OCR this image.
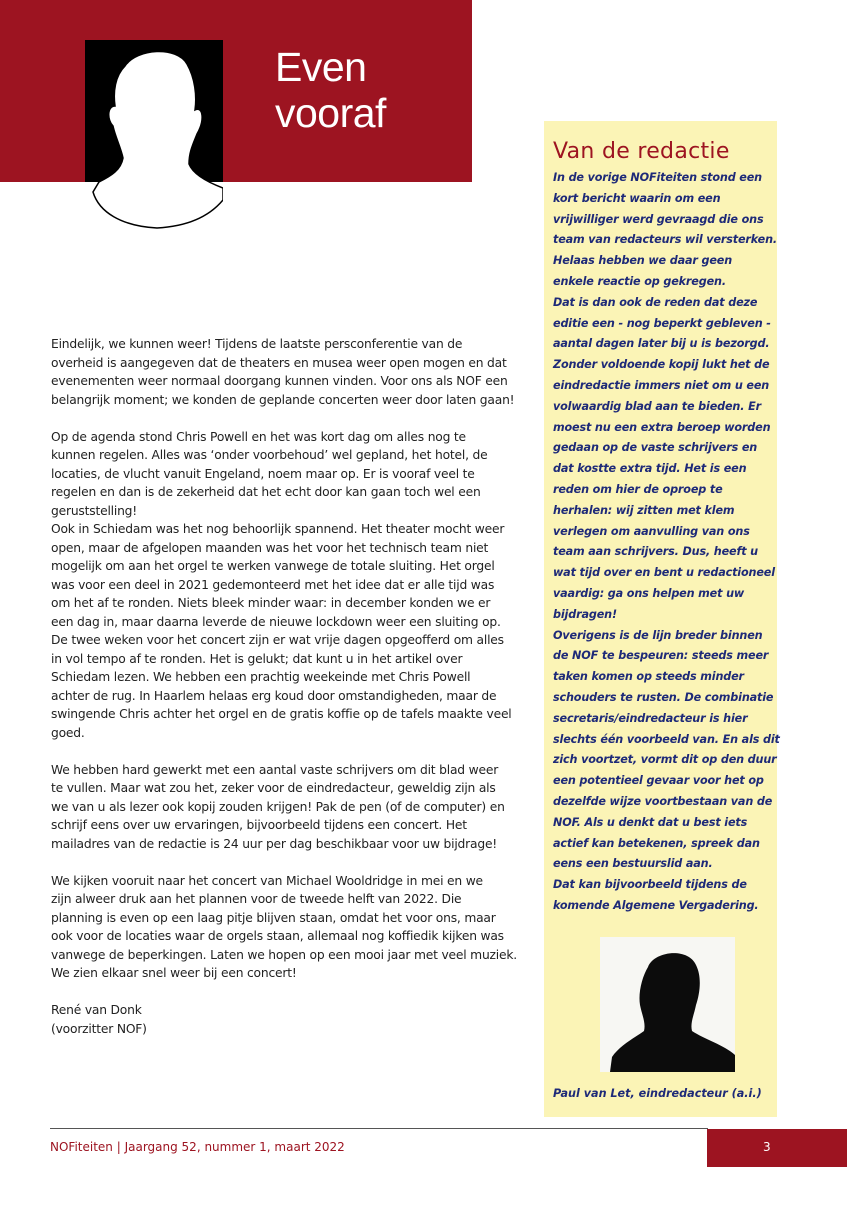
Even
vooraf
Van de redactie
In de vorige NOFiteiten stond een
kort bericht waarin om een
vrijwilliger werd gevraagd die ons
team van redacteurs wil versterken.
Helaas hebben we daar geen
enkele reactie op gekregen.
Dat is dan ook de reden dat deze
editie een - nog beperkt gebleven -
aantal dagen later bij u is bezorgd.
Zonder voldoende kopij lukt het de
eindredactie immers niet om u een
volwaardig blad aan te bieden. Er
moest nu een extra beroep worden
gedaan op de vaste schrijvers en
dat kostte extra tijd. Het is een
reden om hier de oproep te
herhalen: wij zitten met klem
verlegen om aanvulling van ons
team aan schrijvers. Dus, heeft u
wat tijd over en bent u redactioneel
vaardig: ga ons helpen met uw
bijdragen!
Overigens is de lijn breder binnen
de NOF te bespeuren: steeds meer
taken komen op steeds minder
schouders te rusten. De combinatie
secretaris/eindredacteur is hier
slechts één voorbeeld van. En als dit
zich voortzet, vormt dit op den duur
een potentieel gevaar voor het op
dezelfde wijze voortbestaan van de
NOF. Als u denkt dat u best iets
actief kan betekenen, spreek dan
eens een bestuurslid aan.
Dat kan bijvoorbeeld tijdens de
komende Algemene Vergadering.
Paul van Let, eindredacteur (a.i.)
Eindelijk, we kunnen weer! Tijdens de laatste persconferentie van de
overheid is aangegeven dat de theaters en musea weer open mogen en dat
evenementen weer normaal doorgang kunnen vinden. Voor ons als NOF een
belangrijk moment; we konden de geplande concerten weer door laten gaan!
Op de agenda stond Chris Powell en het was kort dag om alles nog te
kunnen regelen. Alles was ‘onder voorbehoud’ wel gepland, het hotel, de
locaties, de vlucht vanuit Engeland, noem maar op. Er is vooraf veel te
regelen en dan is de zekerheid dat het echt door kan gaan toch wel een
geruststelling!
Ook in Schiedam was het nog behoorlijk spannend. Het theater mocht weer
open, maar de afgelopen maanden was het voor het technisch team niet
mogelijk om aan het orgel te werken vanwege de totale sluiting. Het orgel
was voor een deel in 2021 gedemonteerd met het idee dat er alle tijd was
om het af te ronden. Niets bleek minder waar: in december konden we er
een dag in, maar daarna leverde de nieuwe lockdown weer een sluiting op.
De twee weken voor het concert zijn er wat vrije dagen opgeofferd om alles
in vol tempo af te ronden. Het is gelukt; dat kunt u in het artikel over
Schiedam lezen. We hebben een prachtig weekeinde met Chris Powell
achter de rug. In Haarlem helaas erg koud door omstandigheden, maar de
swingende Chris achter het orgel en de gratis koffie op de tafels maakte veel
goed.
We hebben hard gewerkt met een aantal vaste schrijvers om dit blad weer
te vullen. Maar wat zou het, zeker voor de eindredacteur, geweldig zijn als
we van u als lezer ook kopij zouden krijgen! Pak de pen (of de computer) en
schrijf eens over uw ervaringen, bijvoorbeeld tijdens een concert. Het
mailadres van de redactie is 24 uur per dag beschikbaar voor uw bijdrage!
We kijken vooruit naar het concert van Michael Wooldridge in mei en we
zijn alweer druk aan het plannen voor de tweede helft van 2022. Die
planning is even op een laag pitje blijven staan, omdat het voor ons, maar
ook voor de locaties waar de orgels staan, allemaal nog koffiedik kijken was
vanwege de beperkingen. Laten we hopen op een mooi jaar met veel muziek.
We zien elkaar snel weer bij een concert!
René van Donk
(voorzitter NOF)
NOFiteiten | Jaargang 52, nummer 1, maart 2022	3
